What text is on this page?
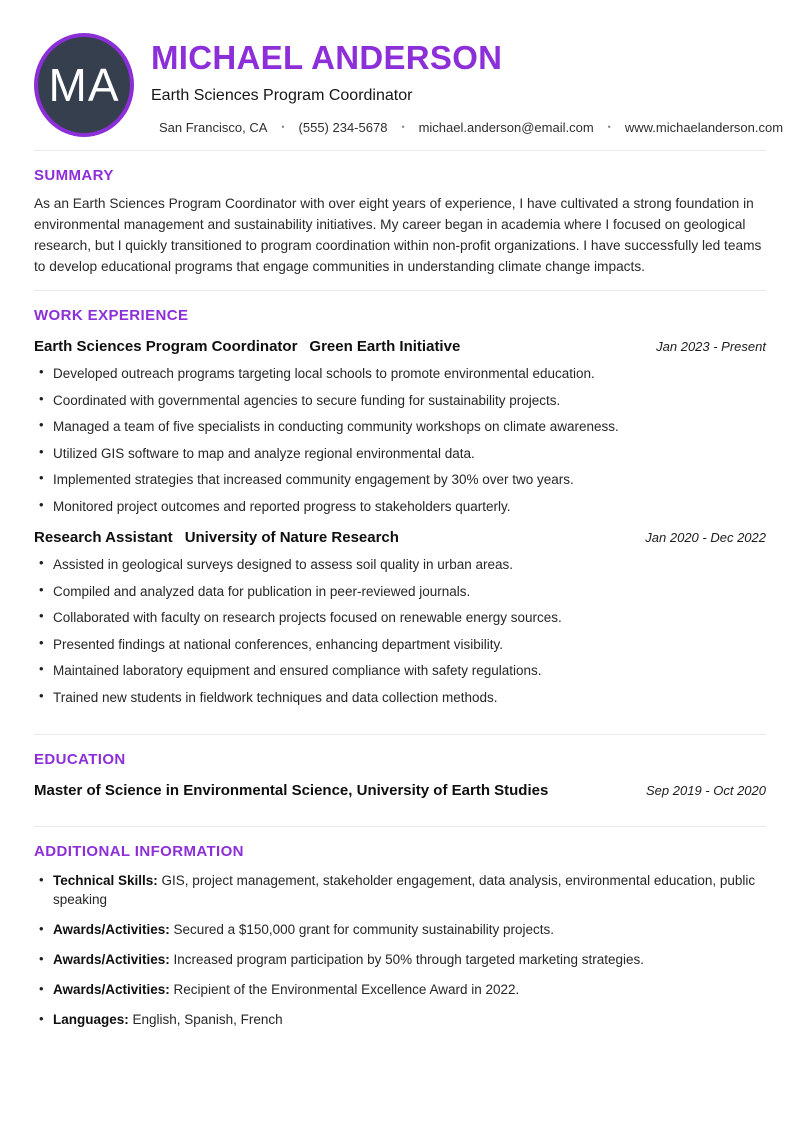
MA
MICHAEL ANDERSON
Earth Sciences Program Coordinator
San Francisco, CA • (555) 234-5678 • michael.anderson@email.com • www.michaelanderson.com
SUMMARY

As an Earth Sciences Program Coordinator with over eight years of experience, I have cultivated a strong foundation in environmental management and sustainability initiatives. My career began in academia where I focused on geological research, but I quickly transitioned to program coordination within non-profit organizations. I have successfully led teams to develop educational programs that engage communities in understanding climate change impacts.

WORK EXPERIENCE
Earth Sciences Program Coordinator Green Earth Initiative	Jan 2023 - Present
• Developed outreach programs targeting local schools to promote environmental education.
• Coordinated with governmental agencies to secure funding for sustainability projects.
• Managed a team of five specialists in conducting community workshops on climate awareness.
• Utilized GIS software to map and analyze regional environmental data.
• Implemented strategies that increased community engagement by 30% over two years.
• Monitored project outcomes and reported progress to stakeholders quarterly.
Research Assistant University of Nature Research	Jan 2020 - Dec 2022
• Assisted in geological surveys designed to assess soil quality in urban areas.
• Compiled and analyzed data for publication in peer-reviewed journals.
• Collaborated with faculty on research projects focused on renewable energy sources.
• Presented findings at national conferences, enhancing department visibility.
• Maintained laboratory equipment and ensured compliance with safety regulations.
• Trained new students in fieldwork techniques and data collection methods.
EDUCATION
Master of Science in Environmental Science, University of Earth Studies	Sep 2019 - Oct 2020
ADDITIONAL INFORMATION
• Technical Skills: GIS, project management, stakeholder engagement, data analysis, environmental education, public speaking
• Awards/Activities: Secured a $150,000 grant for community sustainability projects.
• Awards/Activities: Increased program participation by 50% through targeted marketing strategies.
• Awards/Activities: Recipient of the Environmental Excellence Award in 2022.
• Languages: English, Spanish, French
